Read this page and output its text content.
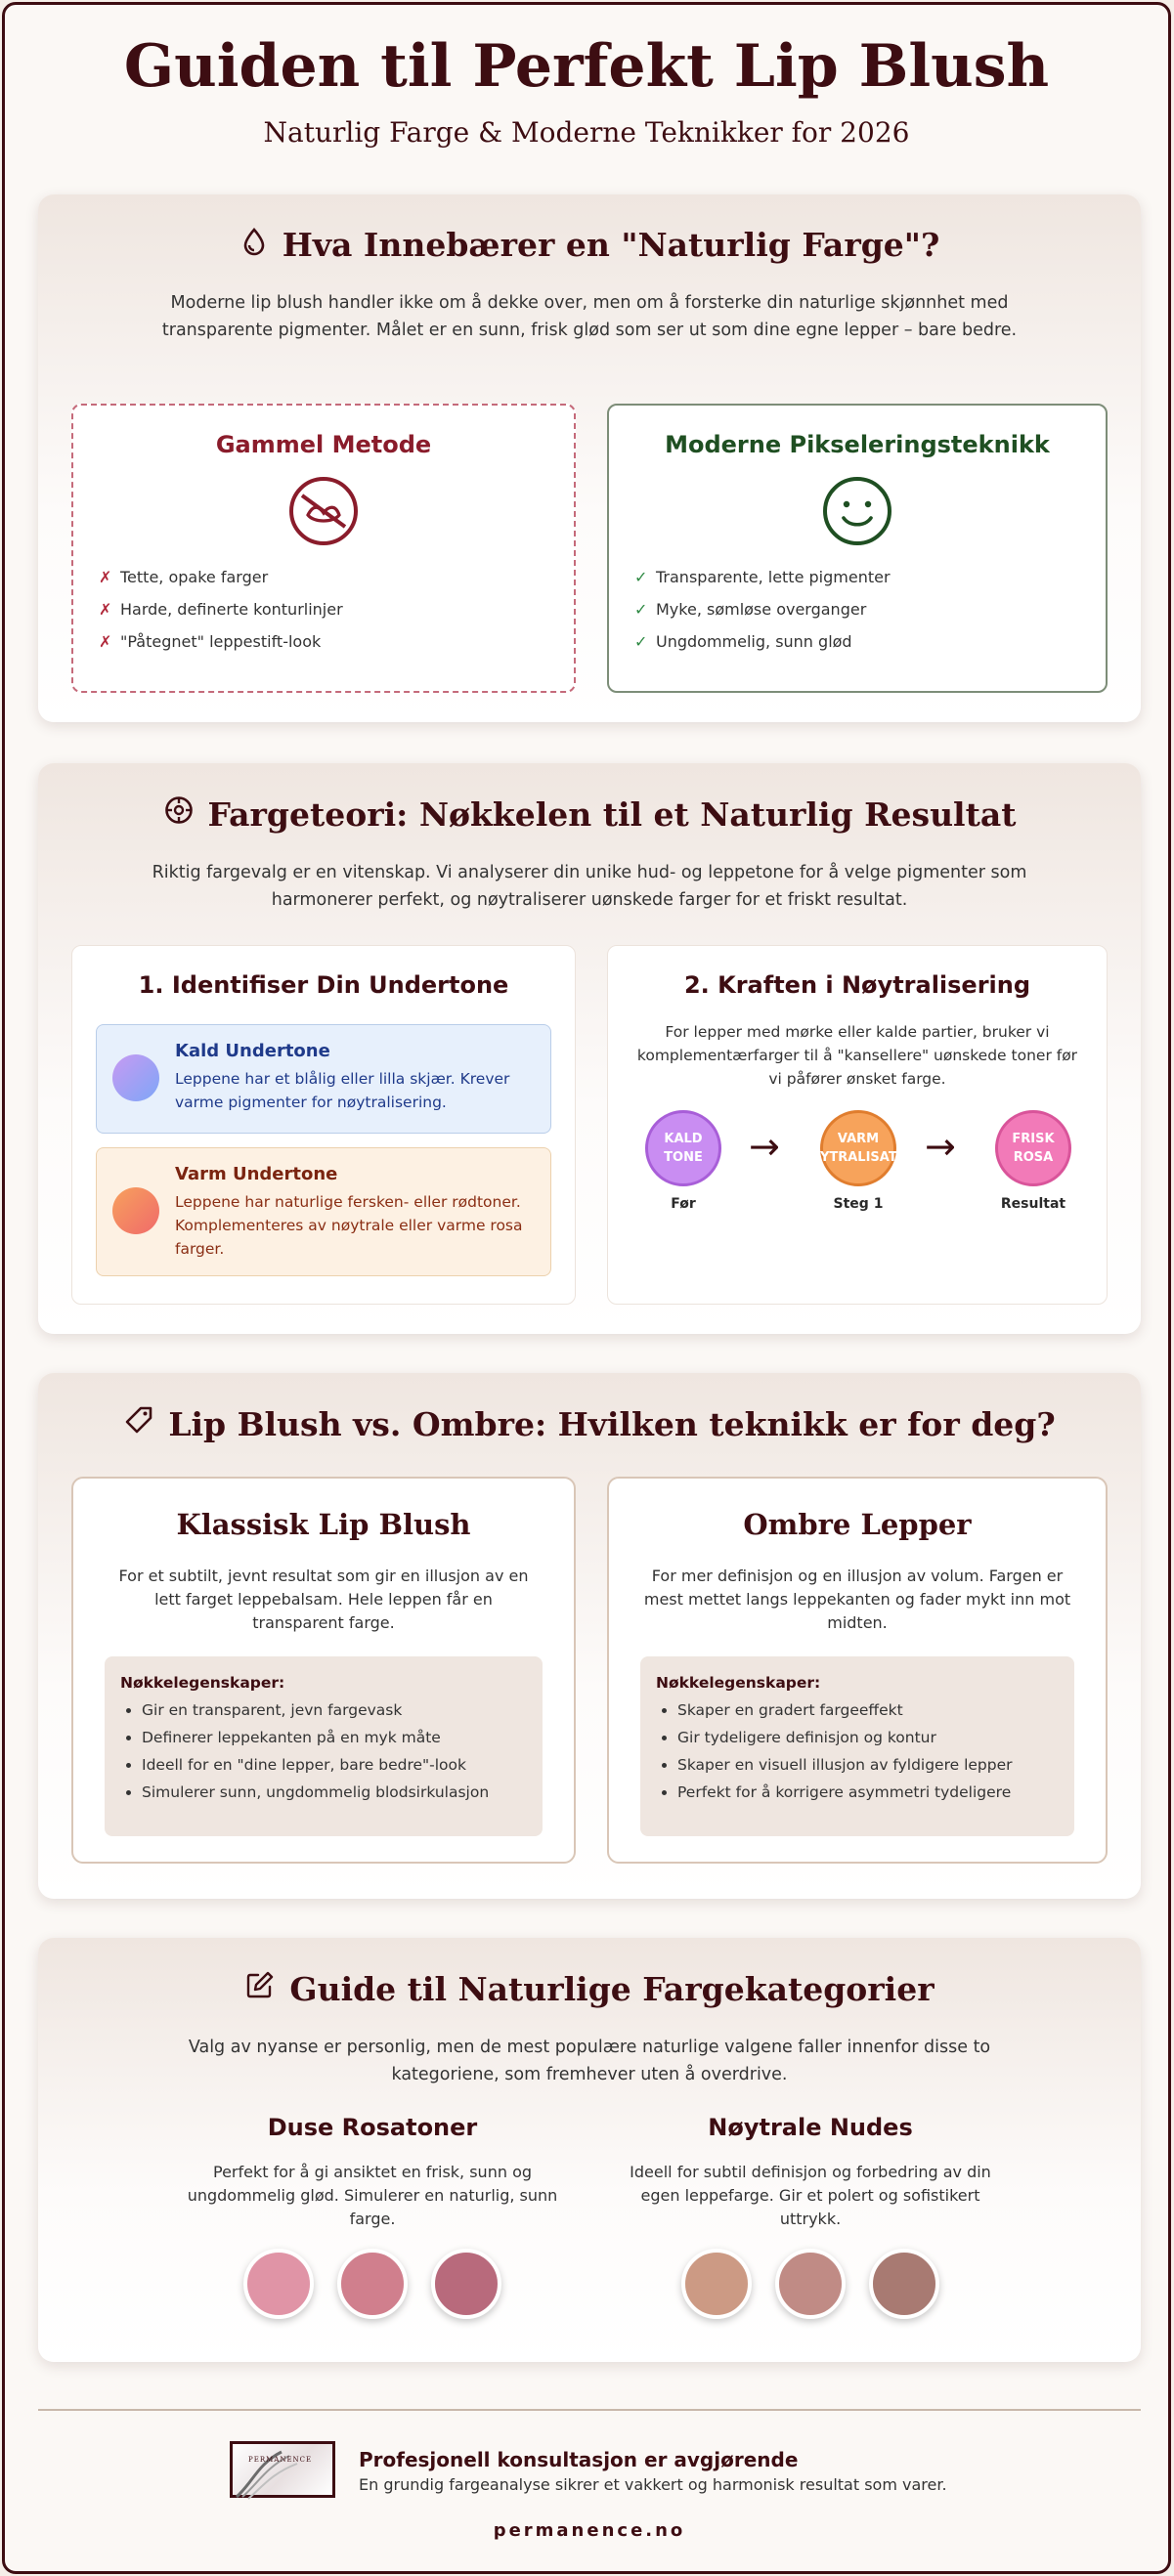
Guiden til Perfekt Lip Blush
Naturlig Farge & Moderne Teknikker for 2026
Hva Innebærer en "Naturlig Farge"?
Moderne lip blush handler ikke om å dekke over, men om å forsterke din naturlige skjønnhet med transparente pigmenter. Målet er en sunn, frisk glød som ser ut som dine egne lepper – bare bedre.
Gammel Metode
✗ Tette, opake farger
✗ Harde, definerte konturlinjer
✗ "Påtegnet" leppestift-look
Moderne Pikseleringsteknikk
✓ Transparente, lette pigmenter
✓ Myke, sømløse overganger
✓ Ungdommelig, sunn glød
Fargeteori: Nøkkelen til et Naturlig Resultat
Riktig fargevalg er en vitenskap. Vi analyserer din unike hud- og leppetone for å velge pigmenter som harmonerer perfekt, og nøytraliserer uønskede farger for et friskt resultat.
1. Identifiser Din Undertone
Kald Undertone
Leppene har et blålig eller lilla skjær. Krever varme pigmenter for nøytralisering.
Varm Undertone
Leppene har naturlige fersken- eller rødtoner. Komplementeres av nøytrale eller varme rosa farger.
2. Kraften i Nøytralisering
For lepper med mørke eller kalde partier, bruker vi komplementærfarger til å "kansellere" uønskede toner før vi påfører ønsket farge.
KALD TONE	→	VARM NØYTRALISATOR →	FRISK ROSA
Før	Steg 1	Resultat
Lip Blush vs. Ombre: Hvilken teknikk er for deg?
Klassisk Lip Blush
For et subtilt, jevnt resultat som gir en illusjon av en lett farget leppebalsam. Hele leppen får en transparent farge.
Nøkkelegenskaper:
• Gir en transparent, jevn fargevask
• Definerer leppekanten på en myk måte
• Ideell for en "dine lepper, bare bedre"-look
• Simulerer sunn, ungdommelig blodsirkulasjon
Ombre Lepper
For mer definisjon og en illusjon av volum. Fargen er mest mettet langs leppekanten og fader mykt inn mot midten.
Nøkkelegenskaper:
• Skaper en gradert fargeeffekt
• Gir tydeligere definisjon og kontur
• Skaper en visuell illusjon av fyldigere lepper
• Perfekt for å korrigere asymmetri tydeligere
Guide til Naturlige Fargekategorier
Valg av nyanse er personlig, men de mest populære naturlige valgene faller innenfor disse to kategoriene, som fremhever uten å overdrive.
Duse Rosatoner
Perfekt for å gi ansiktet en frisk, sunn og ungdommelig glød. Simulerer en naturlig, sunn farge.
Nøytrale Nudes
Ideell for subtil definisjon og forbedring av din egen leppefarge. Gir et polert og sofistikert uttrykk.
PERMANENCE Profesjonell konsultasjon er avgjørende
En grundig fargeanalyse sikrer et vakkert og harmonisk resultat som varer.
permanence.no
